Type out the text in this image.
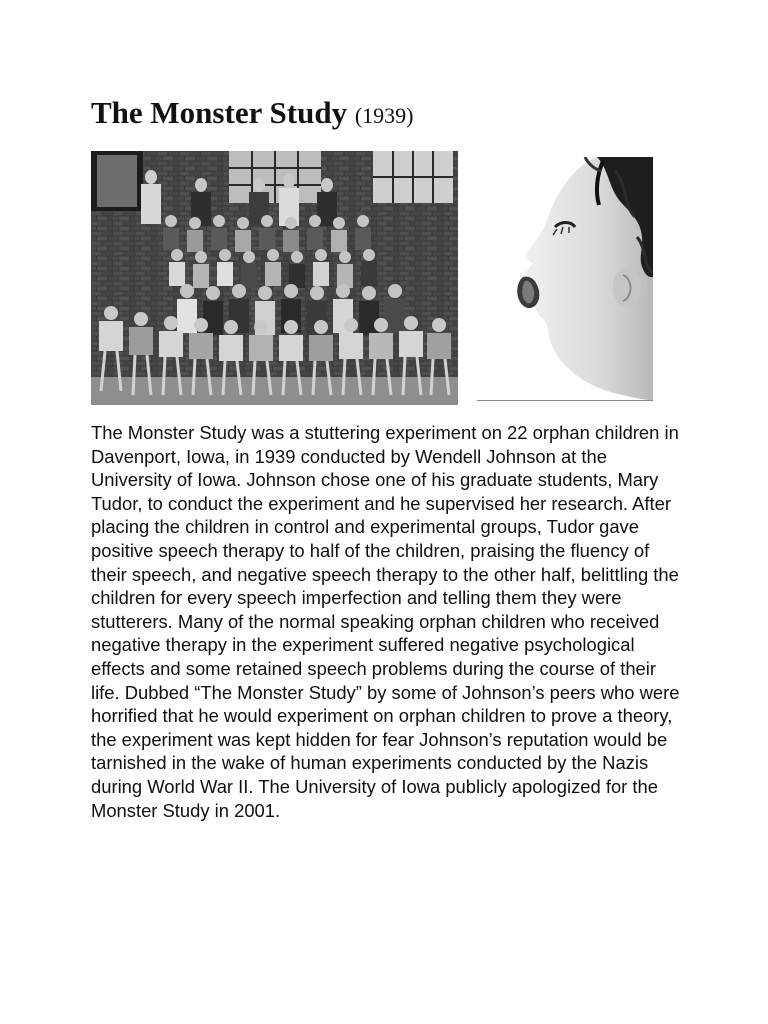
The Monster Study (1939)

The Monster Study was a stuttering experiment on 22 orphan children in Davenport, Iowa, in 1939 conducted by Wendell Johnson at the University of Iowa. Johnson chose one of his graduate students, Mary Tudor, to conduct the experiment and he supervised her research. After placing the children in control and experimental groups, Tudor gave positive speech therapy to half of the children, praising the fluency of their speech, and negative speech therapy to the other half, belittling the children for every speech imperfection and telling them they were stutterers. Many of the normal speaking orphan children who received negative therapy in the experiment suffered negative psychological effects and some retained speech problems during the course of their life. Dubbed “The Monster Study” by some of Johnson’s peers who were horrified that he would experiment on orphan children to prove a theory, the experiment was kept hidden for fear Johnson’s reputation would be tarnished in the wake of human experiments conducted by the Nazis during World War II. The University of Iowa publicly apologized for the Monster Study in 2001.
